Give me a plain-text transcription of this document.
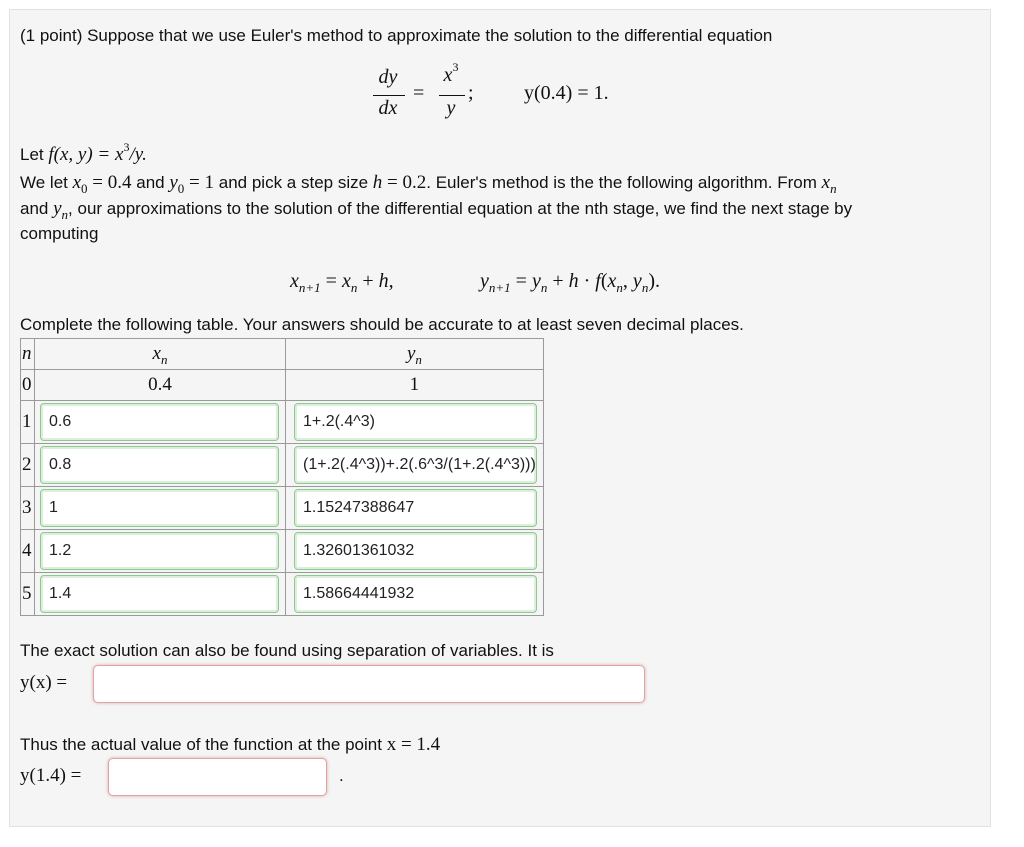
(1 point) Suppose that we use Euler's method to approximate the solution to the differential equation
dy
dx
=
$x^3$
y
;	y(0.4) = 1.
Let f(x, $y) = x^3/y$.
We let $x_0 = 0.4$ and $y_0 = 1$ and pick a step size h = 0.2. Euler's method is the the following algorithm. From $x_n$
and $y_n$, our approximations to the solution of the differential equation at the nth stage, we find the next stage by
computing
$x_{n+1} = x_n + h$,	$y_{n+1} = y_n + h \cdot f(x_n$, $y_n$).
Complete the following table. Your answers should be accurate to at least seven decimal places.
n	$x_n$	$y_n$
0	0.4	1
1	0.6	1+.2(.4^3)

2	0.8	(1+.2(.4^3))+.2(.6^3/(1+.2(.4^3)))

3	1	1.15247388647

4	1.2	1.32601361032

5	1.4	1.58664441932
The exact solution can also be found using separation of variables. It is
y(x) =
Thus the actual value of the function at the point x = 1.4
y(1.4) =	.
